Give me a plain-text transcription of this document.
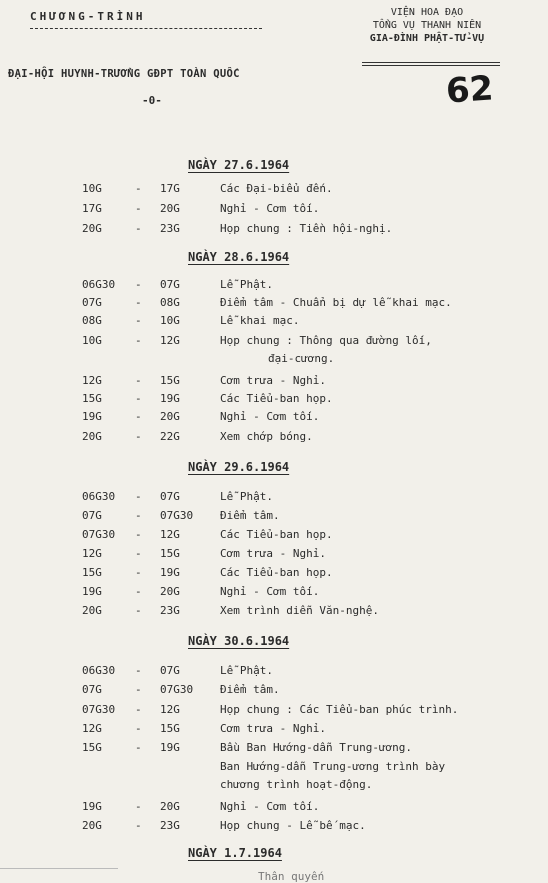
CHƯƠNG-TRÌNH	VIỆN HOA ĐẠO
TỔNG VỤ THANH NIÊN
GIA-ĐÌNH PHẬT-TỬ-VỤ
62
ĐẠI-HỘI HUYNH-TRƯỞNG GĐPT TOÀN QUỐC
-0-
NGÀY 27.6.1964
10G	- 17G	Các Đại-biểu đến.
17G	- 20G	Nghỉ - Cơm tối.
20G	- 23G	Họp chung : Tiền hội-nghị.
NGÀY 28.6.1964
06G30 - 07G	Lễ Phật.
07G	- 08G	Điểm tâm - Chuẩn bị dự lễ khai mạc.
08G	- 10G	Lễ khai mạc.
10G	- 12G	Họp chung : Thông qua đường lối,
đại-cương.
12G	- 15G	Cơm trưa - Nghỉ.
15G	- 19G	Các Tiểu-ban họp.
19G	- 20G	Nghỉ - Cơm tối.
20G	- 22G	Xem chớp bóng.
NGÀY 29.6.1964
06G30 - 07G	Lễ Phật.
07G	- 07G30 Điểm tâm.
07G30 - 12G	Các Tiểu-ban họp.
12G	- 15G	Cơm trưa - Nghỉ.
15G	- 19G	Các Tiểu-ban họp.
19G	- 20G	Nghỉ - Cơm tối.
20G	- 23G	Xem trình diễn Văn-nghệ.
NGÀY 30.6.1964
06G30 - 07G	Lễ Phật.
07G	- 07G30 Điểm tâm.
07G30 - 12G	Họp chung : Các Tiểu-ban phúc trình.
12G	- 15G	Cơm trưa - Nghỉ.
15G	- 19G	Bầu Ban Hướng-dẫn Trung-ương.
Ban Hướng-dẫn Trung-ương trình bày
chương trình hoạt-động.
19G	- 20G	Nghỉ - Cơm tối.
20G	- 23G	Họp chung - Lễ bế mạc.
NGÀY 1.7.1964
Thân quyến
